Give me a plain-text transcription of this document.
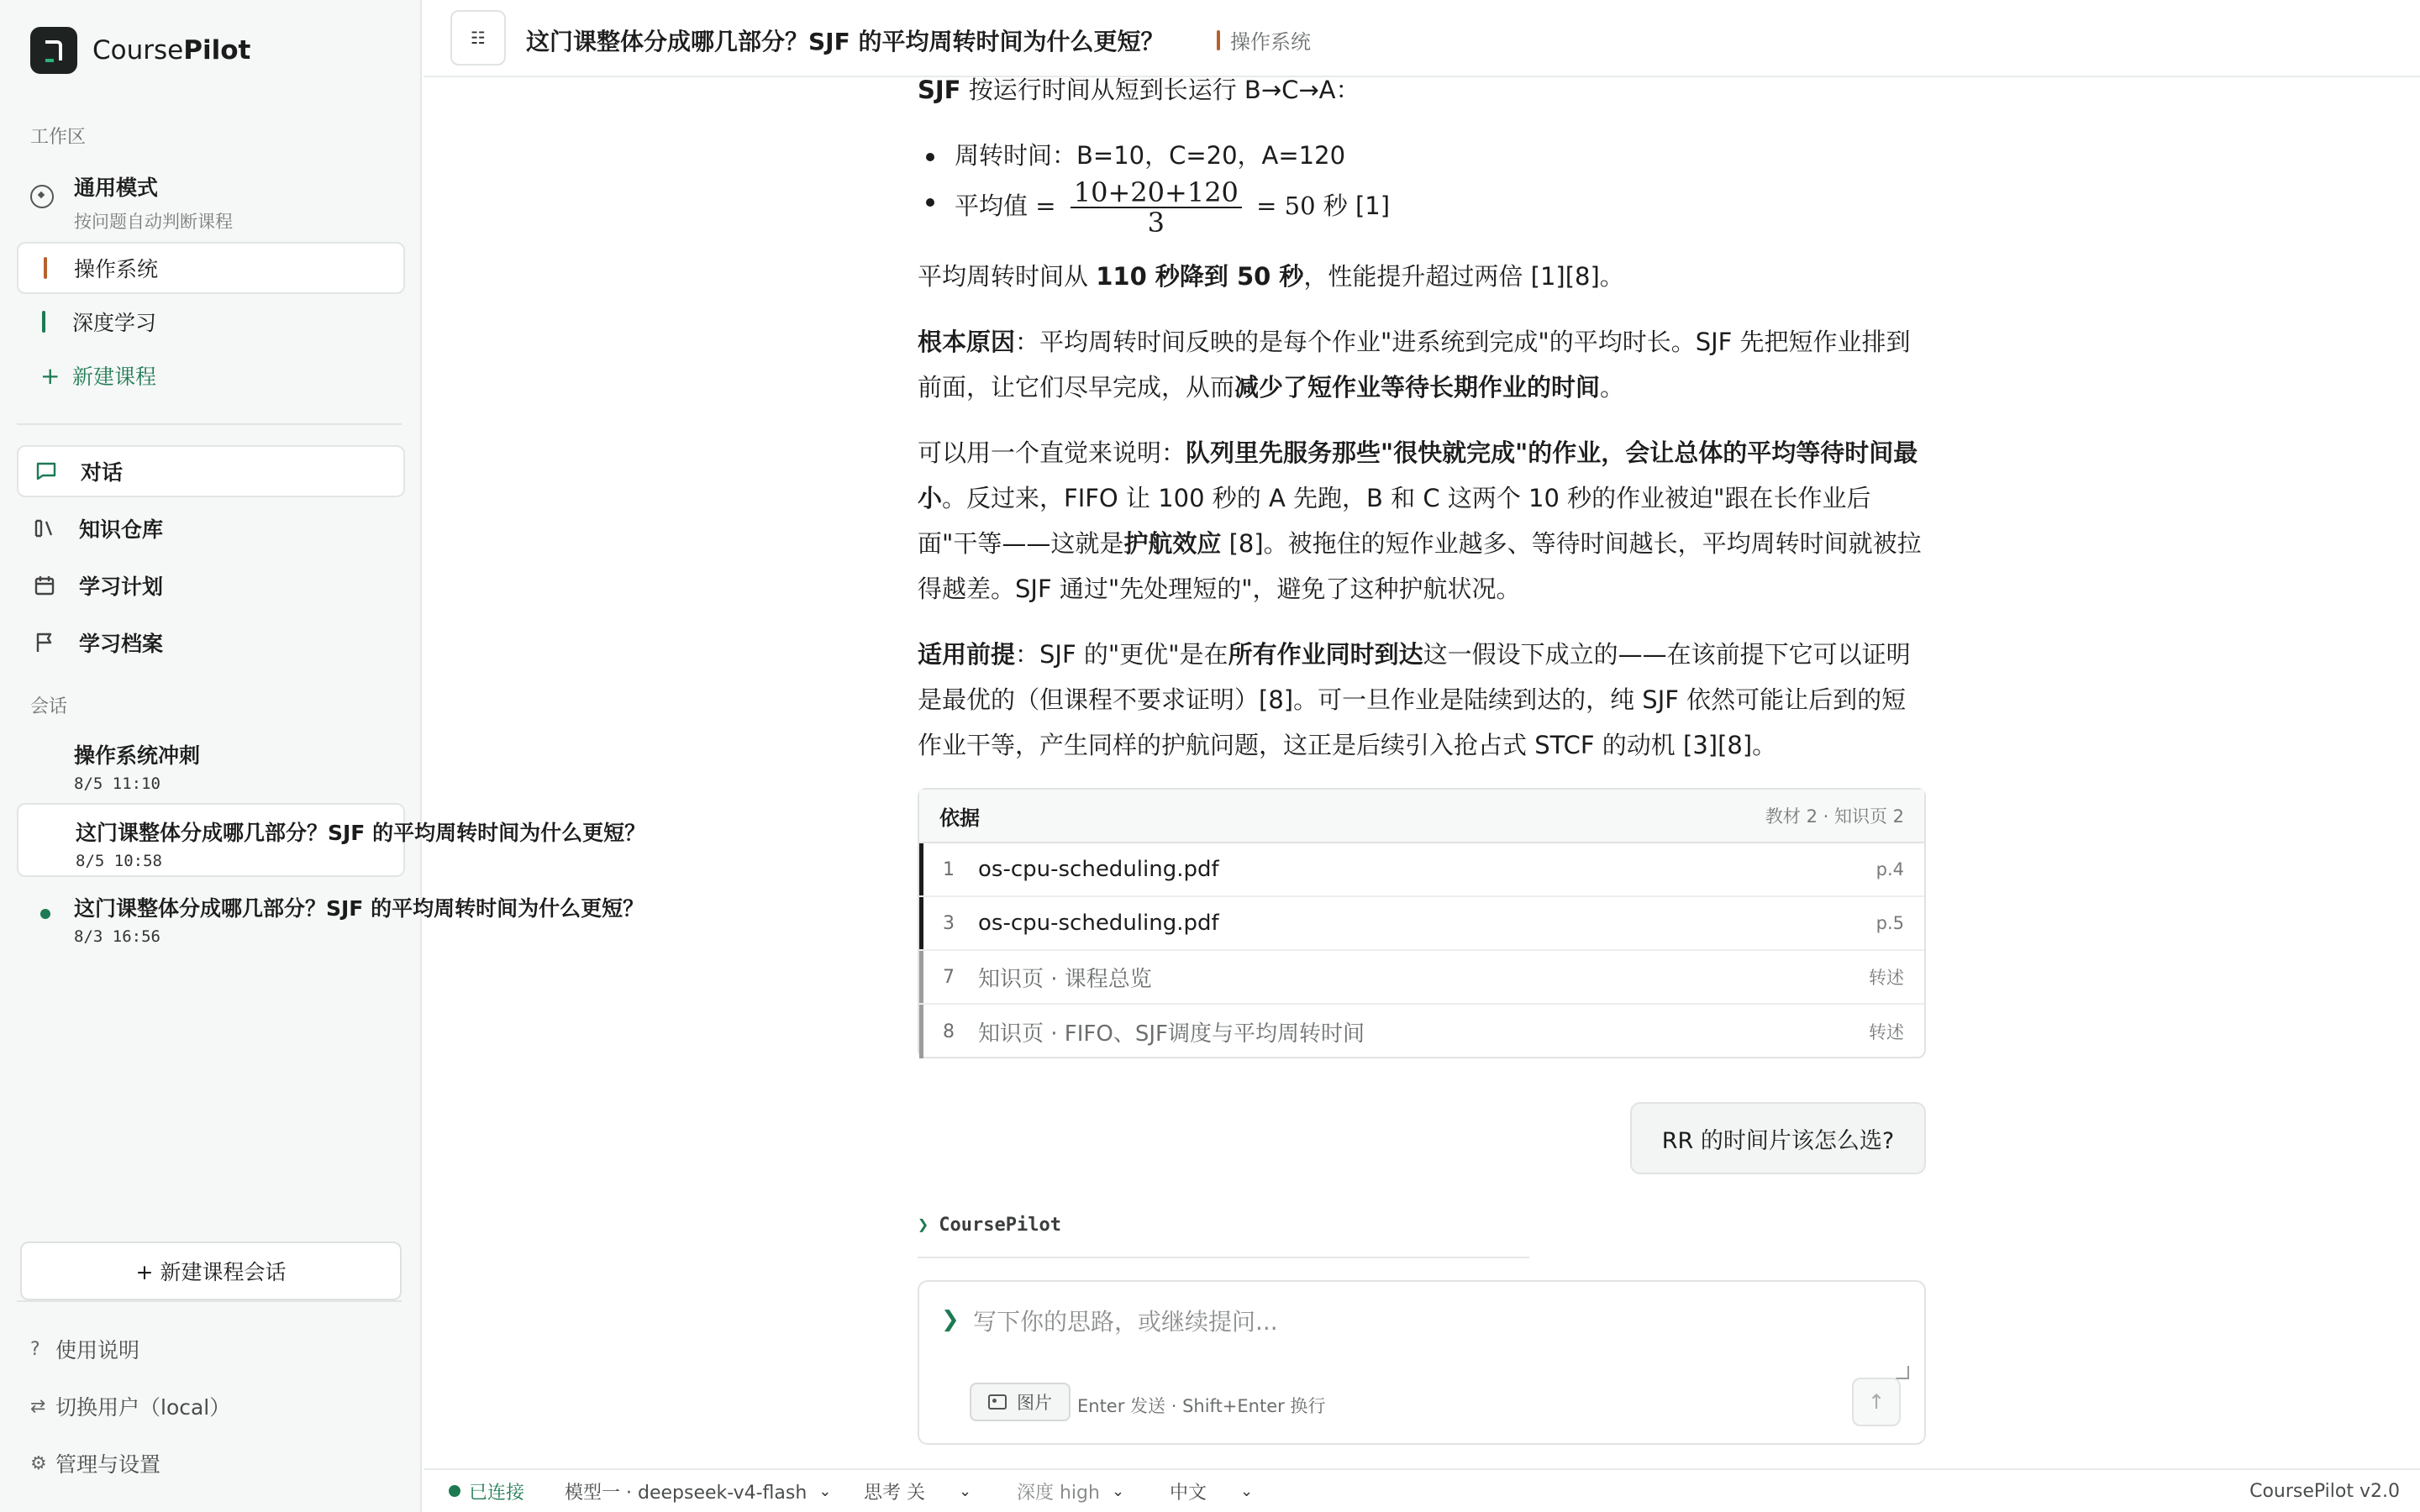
CoursePilot
工作区
通用模式
按问题自动判断课程
操作系统
深度学习
+ 新建课程
对话
知识仓库
学习计划
学习档案
会话
操作系统冲刺
8/5 11:10
这门课整体分成哪几部分？SJF 的平均周转时间为什么更短？
8/5 10:58
这门课整体分成哪几部分？SJF 的平均周转时间为什么更短？
8/3 16:56
+ 新建课程会话
? 使用说明
⇄ 切换用户（local）
⚙ 管理与设置
☷ 这门课整体分成哪几部分？SJF 的平均周转时间为什么更短？	操作系统

SJF 按运行时间从短到长运行 B→C→A：

周转时间：B=10，C=20，A=120
平均值 = $\frac{10+20+120}{3} = 50$ 秒 [1]

平均周转时间从 110 秒降到 50 秒，性能提升超过两倍 [1][8]。

根本原因：平均周转时间反映的是每个作业"进系统到完成"的平均时长。SJF 先把短作业排到前面，让它们尽早完成，从而减少了短作业等待长期作业的时间。

可以用一个直觉来说明：队列里先服务那些"很快就完成"的作业，会让总体的平均等待时间最小。反过来，FIFO 让 100 秒的 A 先跑，B 和 C 这两个 10 秒的作业被迫"跟在长作业后面"干等——这就是护航效应 [8]。被拖住的短作业越多、等待时间越长，平均周转时间就被拉得越差。SJF 通过"先处理短的"，避免了这种护航状况。

适用前提：SJF 的"更优"是在所有作业同时到达这一假设下成立的——在该前提下它可以证明是最优的（但课程不要求证明）[8]。可一旦作业是陆续到达的，纯 SJF 依然可能让后到的短作业干等，产生同样的护航问题，这正是后续引入抢占式 STCF 的动机 [3][8]。

依据	教材 2 · 知识页 2
1	os-cpu-scheduling.pdf	p.4
3	os-cpu-scheduling.pdf	p.5
7	知识页 · 课程总览	转述
8	知识页 · FIFO、SJF调度与平均周转时间	转述
RR 的时间片该怎么选?
❯ CoursePilot
❯
写下你的思路，或继续提问...
图片 Enter 发送 · Shift+Enter 换行	↑
已连接 模型一 · deepseek-v4-flash ⌄ 思考 关 ⌄ 深度 high ⌄ 中文 ⌄	CoursePilot v2.0
